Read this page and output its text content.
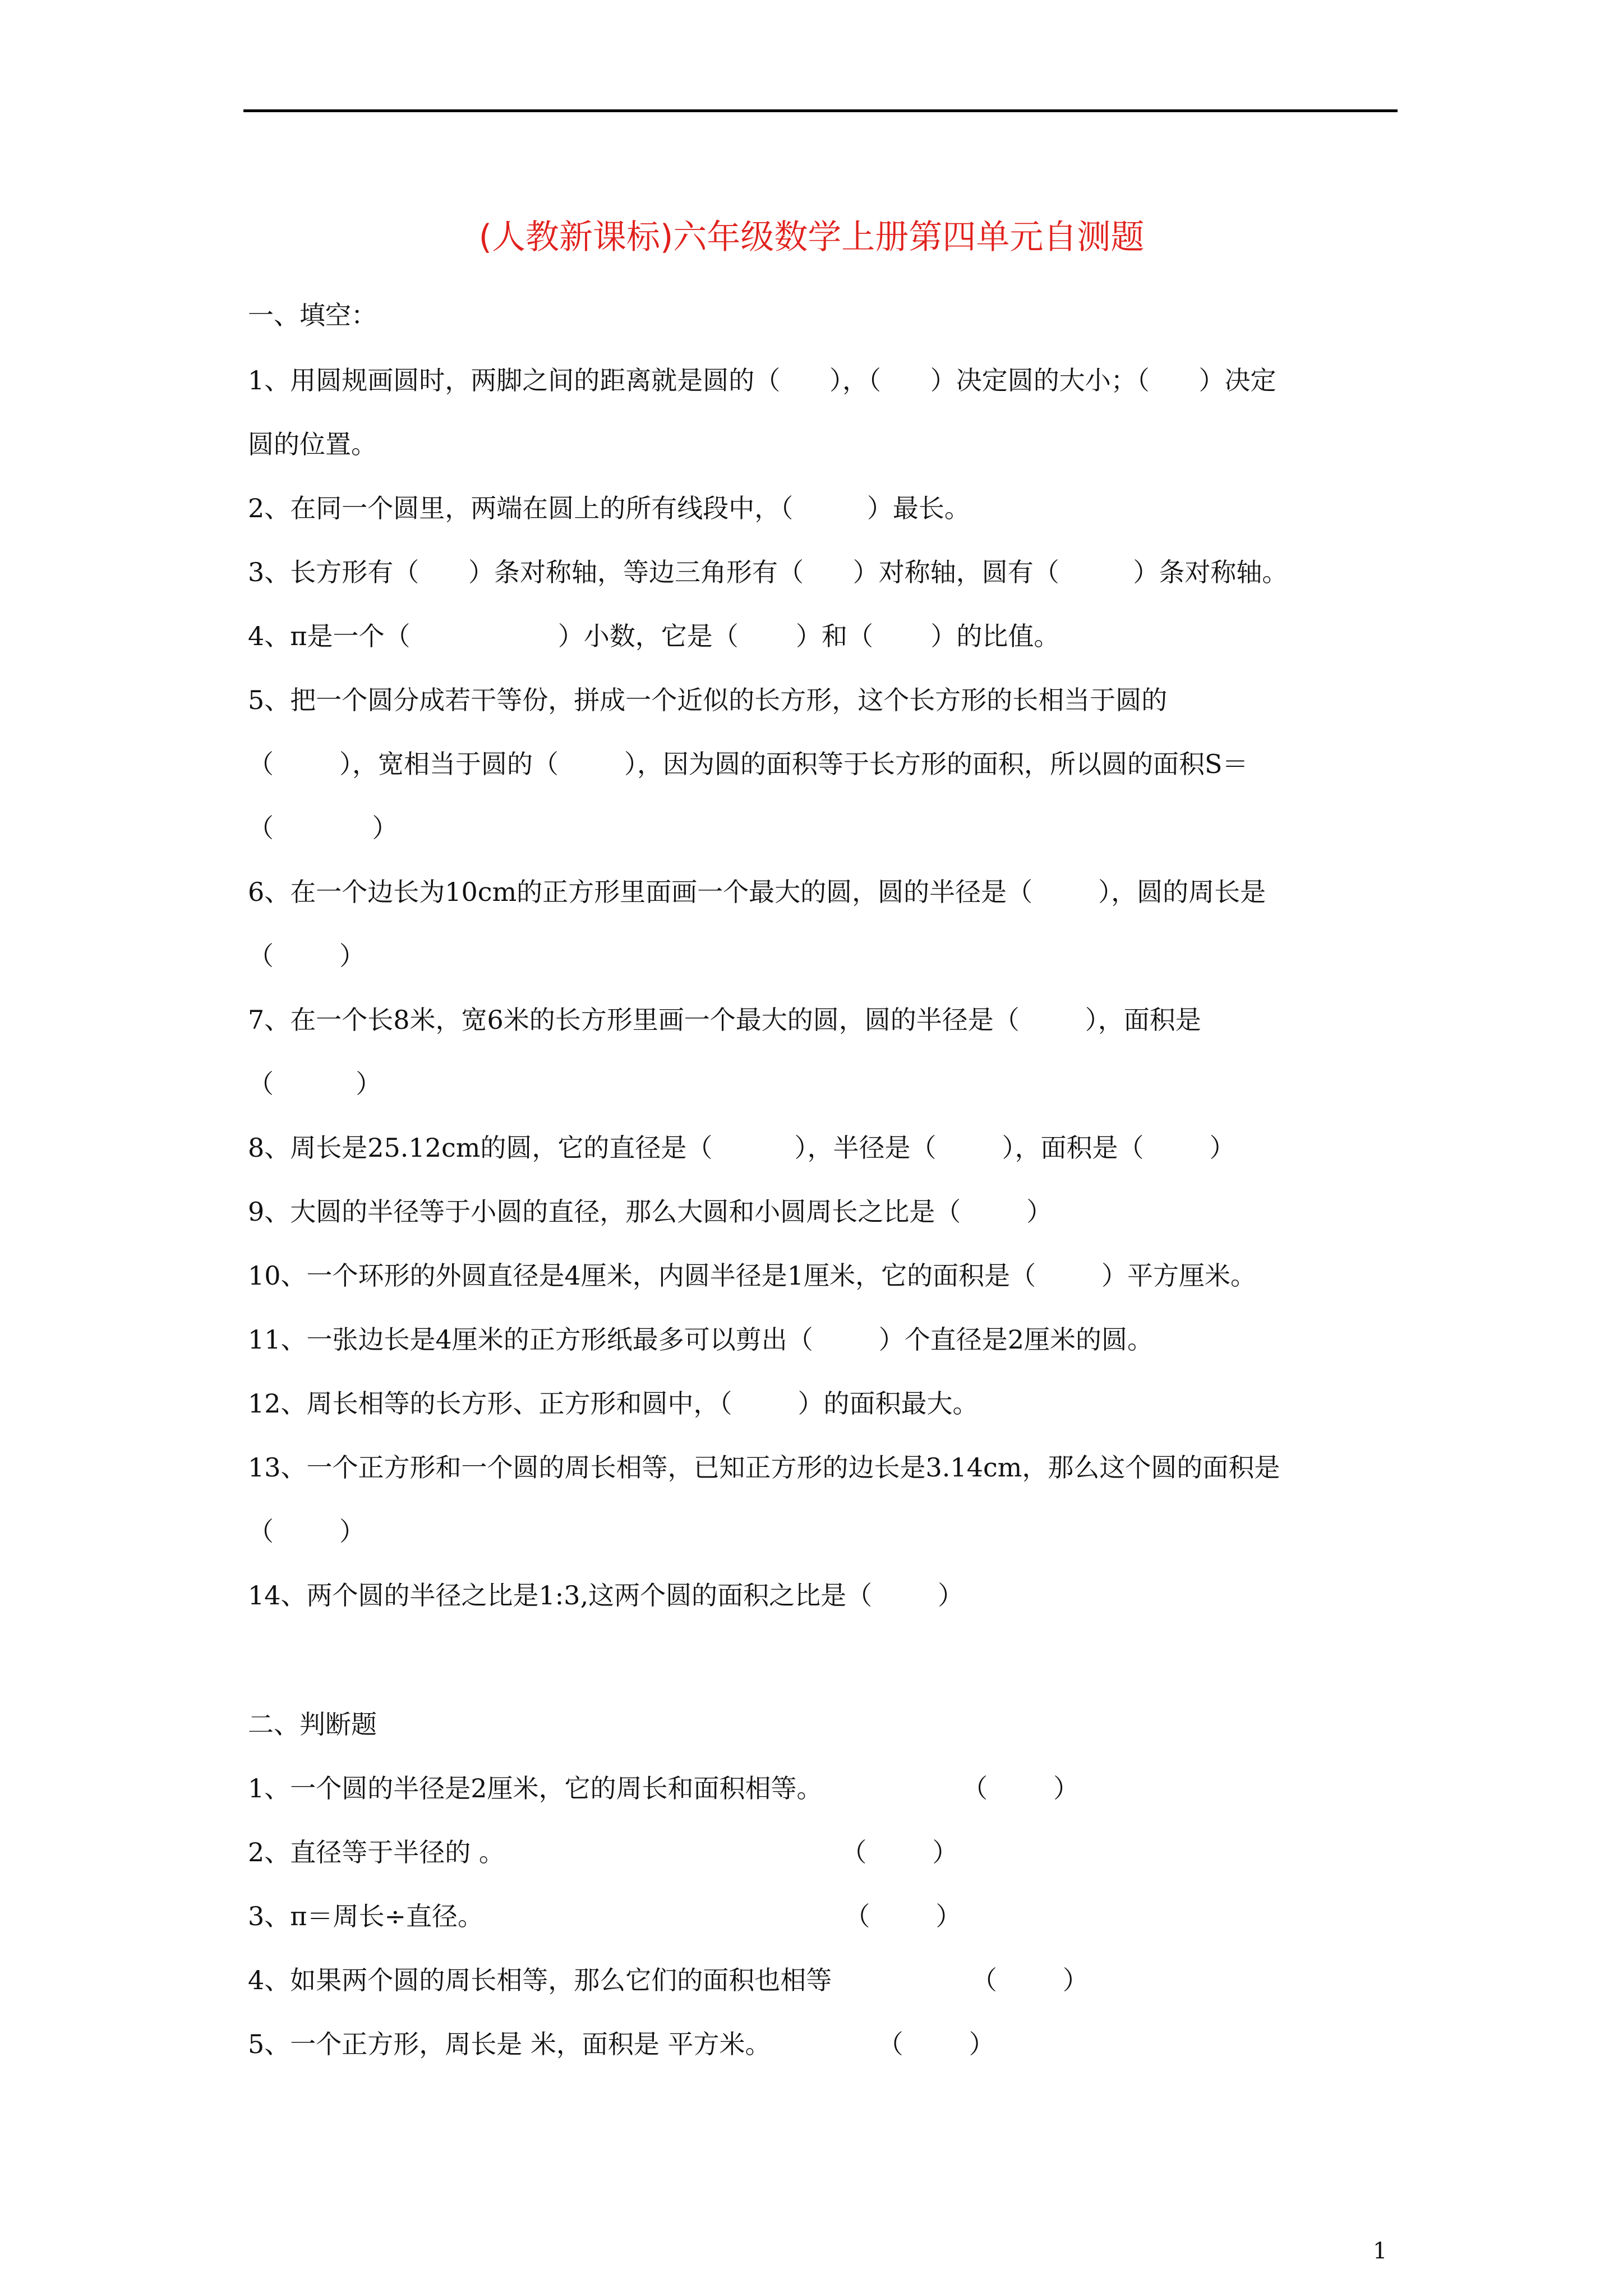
(人教新课标)六年级数学上册第四单元自测题
一、填空：
1、用圆规画圆时，两脚之间的距离就是圆的（      ），（      ）决定圆的大小；（      ）决定
圆的位置。
2、在同一个圆里，两端在圆上的所有线段中，（         ）最长。
3、长方形有（      ）条对称轴，等边三角形有（      ）对称轴，圆有（         ）条对称轴。
4、π是一个（                  ）小数，它是（       ）和（       ）的比值。
5、把一个圆分成若干等份，拼成一个近似的长方形，这个长方形的长相当于圆的
（        ），宽相当于圆的（        ），因为圆的面积等于长方形的面积，所以圆的面积S＝
（            ）
6、在一个边长为10cm的正方形里面画一个最大的圆，圆的半径是（        ），圆的周长是
（        ）
7、在一个长8米，宽6米的长方形里画一个最大的圆，圆的半径是（        ），面积是
（          ）
8、周长是25.12cm的圆，它的直径是（          ），半径是（        ），面积是（        ）
9、大圆的半径等于小圆的直径，那么大圆和小圆周长之比是（        ）
10、一个环形的外圆直径是4厘米，内圆半径是1厘米，它的面积是（        ）平方厘米。
11、一张边长是4厘米的正方形纸最多可以剪出（        ）个直径是2厘米的圆。
12、周长相等的长方形、正方形和圆中，（        ）的面积最大。
13、一个正方形和一个圆的周长相等，已知正方形的边长是3.14cm，那么这个圆的面积是
（        ）
14、两个圆的半径之比是1:3,这两个圆的面积之比是（        ）
二、判断题
1、一个圆的半径是2厘米，它的周长和面积相等。                 （        ）
2、直径等于半径的 。                                         （        ）
3、π＝周长÷直径。                                            （        ）
4、如果两个圆的周长相等，那么它们的面积也相等                 （        ）
5、一个正方形，周长是 米，面积是 平方米。             （        ）
1
